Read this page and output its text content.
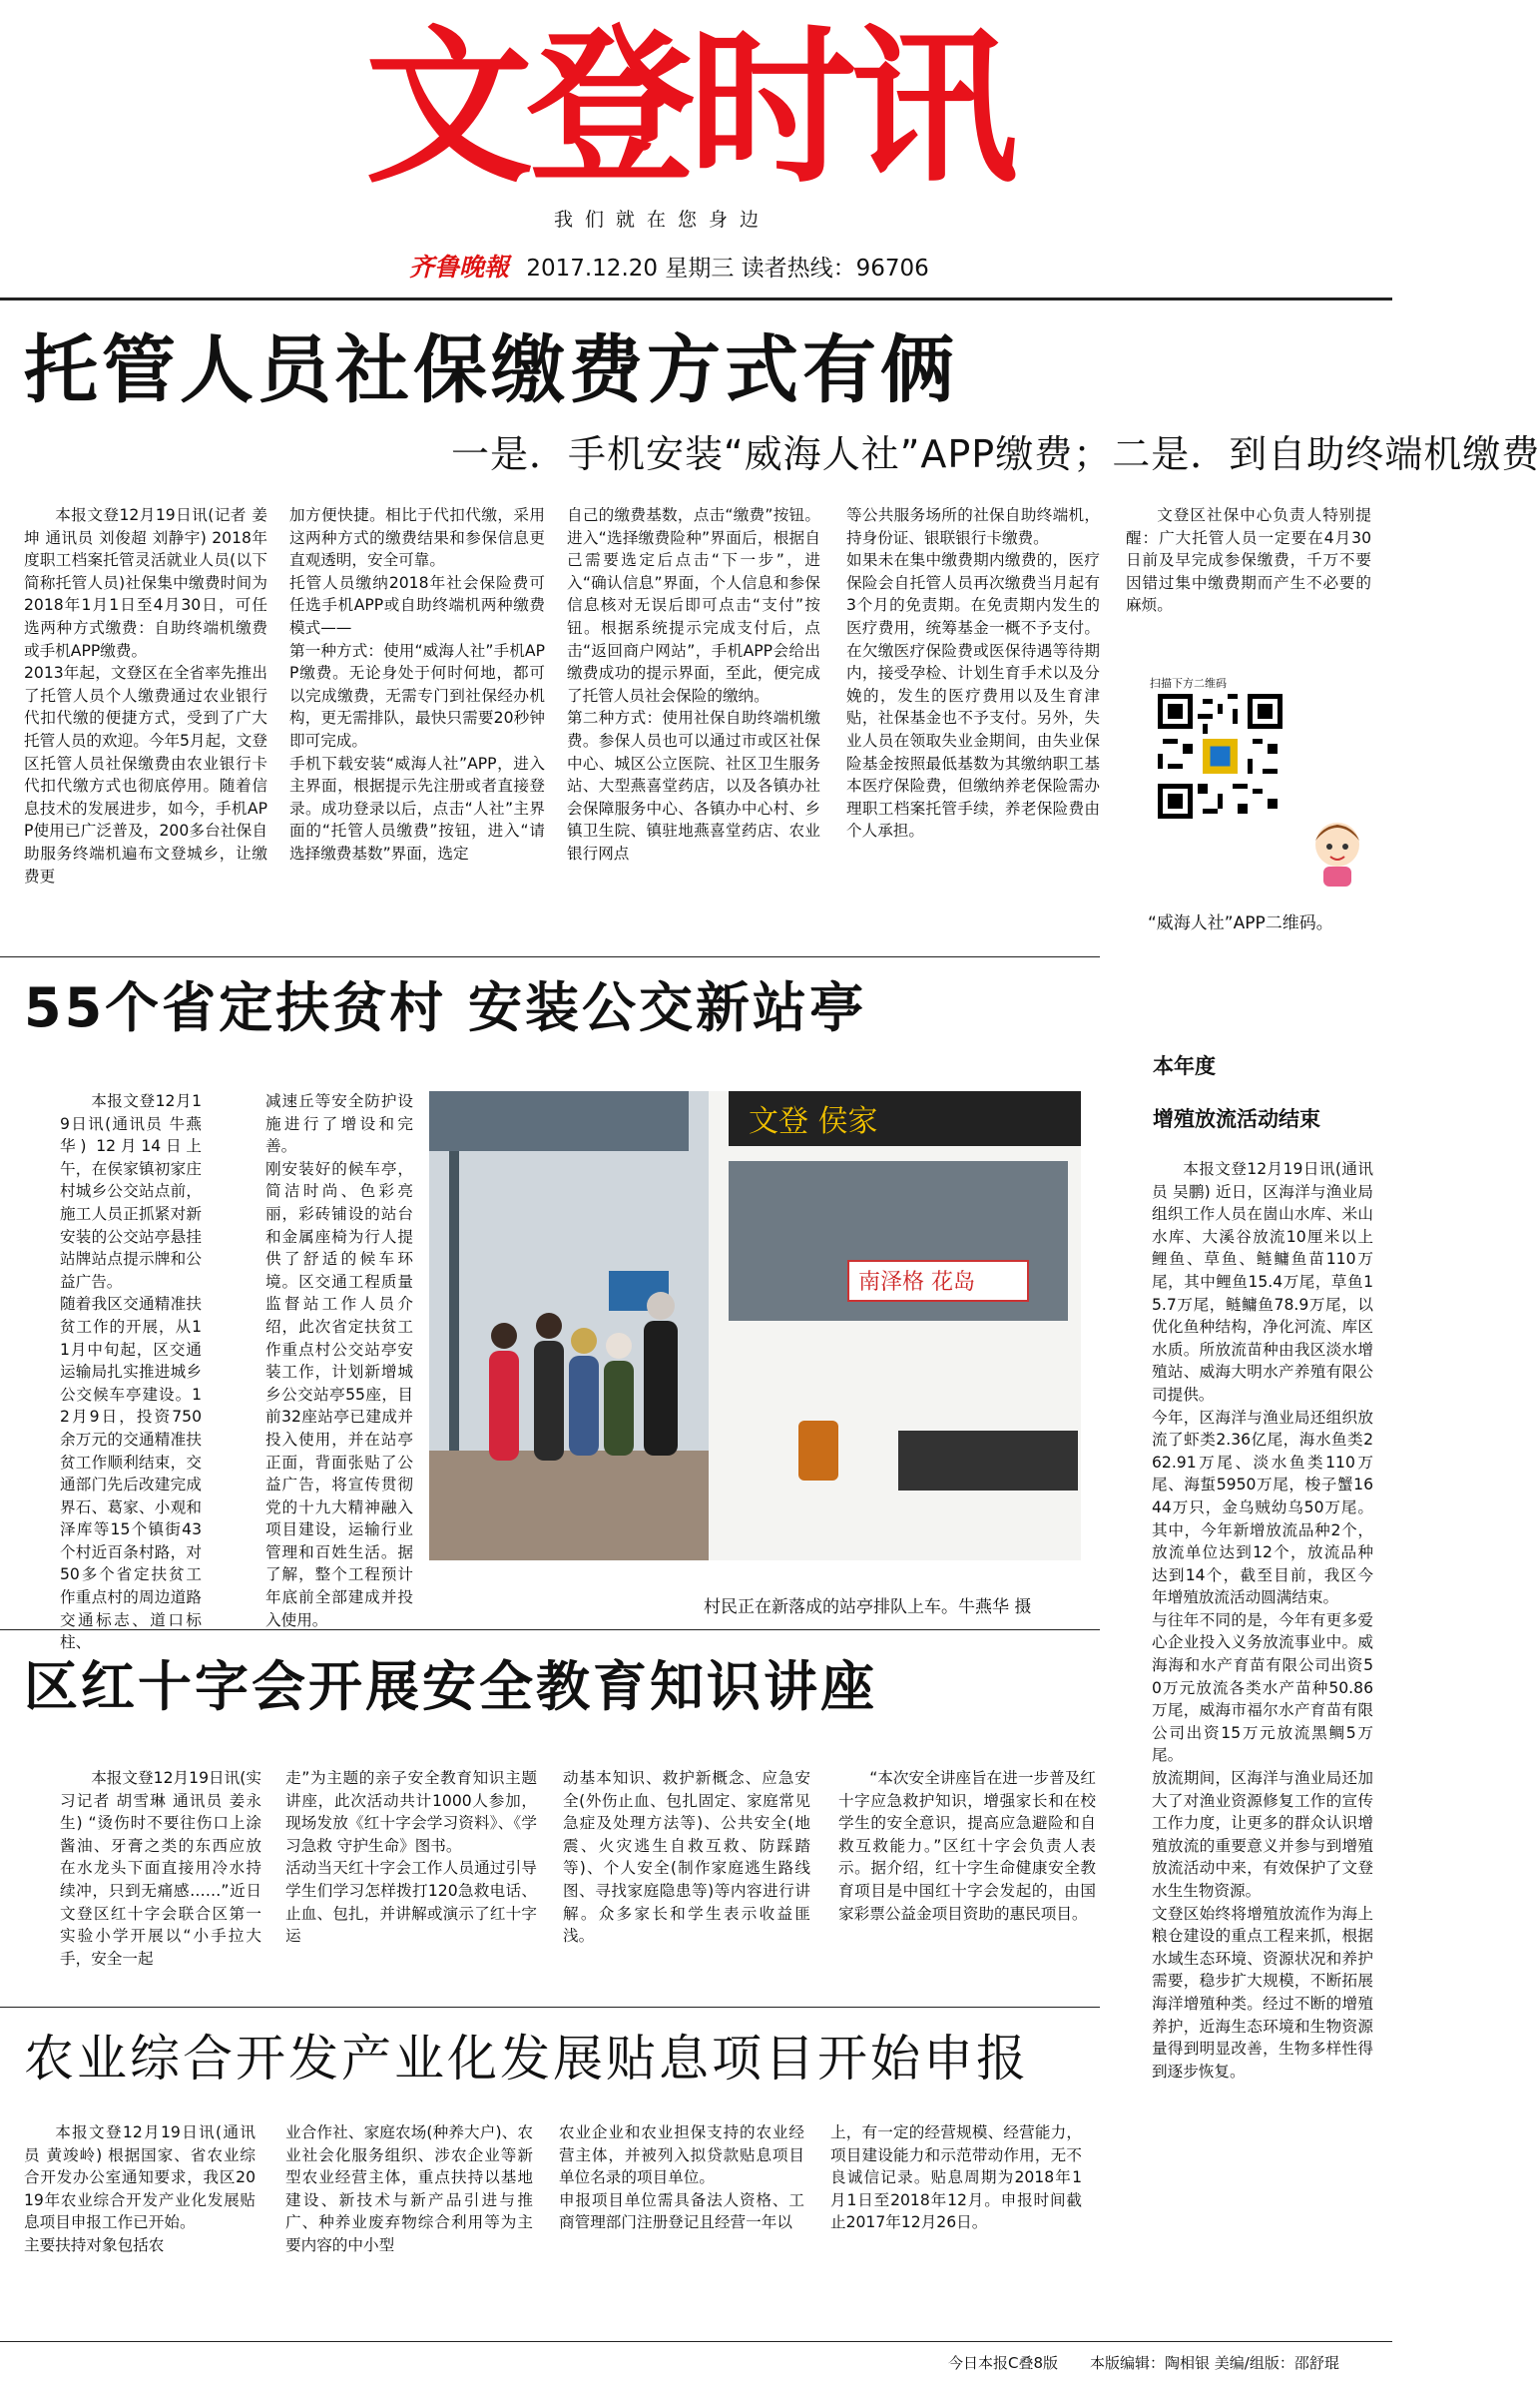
文登时讯
我们就在您身边
齐鲁晚報 2017.12.20 星期三 读者热线：96706
托管人员社保缴费方式有俩
一是．手机安装“威海人社”APP缴费；二是．到自助终端机缴费

本报文登12月19日讯(记者 姜坤 通讯员 刘俊超 刘静宇) 2018年度职工档案托管灵活就业人员(以下简称托管人员)社保集中缴费时间为2018年1月1日至4月30日，可任选两种方式缴费：自助终端机缴费或手机APP缴费。
2013年起，文登区在全省率先推出了托管人员个人缴费通过农业银行代扣代缴的便捷方式，受到了广大托管人员的欢迎。今年5月起，文登区托管人员社保缴费由农业银行卡代扣代缴方式也彻底停用。随着信息技术的发展进步，如今，手机APP使用已广泛普及，200多台社保自助服务终端机遍布文登城乡，让缴费更

加方便快捷。相比于代扣代缴，采用这两种方式的缴费结果和参保信息更直观透明，安全可靠。
托管人员缴纳2018年社会保险费可任选手机APP或自助终端机两种缴费模式——
第一种方式：使用“威海人社”手机APP缴费。无论身处于何时何地，都可以完成缴费，无需专门到社保经办机构，更无需排队，最快只需要20秒钟即可完成。
手机下载安装“威海人社”APP，进入主界面，根据提示先注册或者直接登录。成功登录以后，点击“人社”主界面的“托管人员缴费”按钮，进入“请选择缴费基数”界面，选定

自己的缴费基数，点击“缴费”按钮。进入“选择缴费险种”界面后，根据自己需要选定后点击“下一步”，进入“确认信息”界面，个人信息和参保信息核对无误后即可点击“支付”按钮。根据系统提示完成支付后，点击“返回商户网站”，手机APP会给出缴费成功的提示界面，至此，便完成了托管人员社会保险的缴纳。
第二种方式：使用社保自助终端机缴费。参保人员也可以通过市或区社保中心、城区公立医院、社区卫生服务站、大型燕喜堂药店，以及各镇办社会保障服务中心、各镇办中心村、乡镇卫生院、镇驻地燕喜堂药店、农业银行网点

等公共服务场所的社保自助终端机，持身份证、银联银行卡缴费。
如果未在集中缴费期内缴费的，医疗保险会自托管人员再次缴费当月起有3个月的免责期。在免责期内发生的医疗费用，统筹基金一概不予支付。在欠缴医疗保险费或医保待遇等待期内，接受孕检、计划生育手术以及分娩的，发生的医疗费用以及生育津贴，社保基金也不予支付。另外，失业人员在领取失业金期间，由失业保险基金按照最低基数为其缴纳职工基本医疗保险费，但缴纳养老保险需办理职工档案托管手续，养老保险费由个人承担。

文登区社保中心负责人特别提醒：广大托管人员一定要在4月30日前及早完成参保缴费，千万不要因错过集中缴费期而产生不必要的麻烦。

扫描下方二维码
“威海人社”APP二维码。
55个省定扶贫村 安装公交新站亭

本报文登12月19日讯(通讯员 牛燕华) 12月14日上午，在侯家镇初家庄村城乡公交站点前，施工人员正抓紧对新安装的公交站亭悬挂站牌站点提示牌和公益广告。
随着我区交通精准扶贫工作的开展，从11月中旬起，区交通运输局扎实推进城乡公交候车亭建设。12月9日，投资750余万元的交通精准扶贫工作顺利结束，交通部门先后改建完成界石、葛家、小观和泽库等15个镇街43个村近百条村路，对50多个省定扶贫工作重点村的周边道路交通标志、道口标柱、

减速丘等安全防护设施进行了增设和完善。
刚安装好的候车亭，简洁时尚、色彩亮丽，彩砖铺设的站台和金属座椅为行人提供了舒适的候车环境。区交通工程质量监督站工作人员介绍，此次省定扶贫工作重点村公交站亭安装工作，计划新增城乡公交站亭55座，目前32座站亭已建成并投入使用，并在站亭正面，背面张贴了公益广告，将宣传贯彻党的十九大精神融入项目建设，运输行业管理和百姓生活。据了解，整个工程预计年底前全部建成并投入使用。

文登 侯家
南泽格 花岛
村民正在新落成的站亭排队上车。牛燕华 摄
区红十字会开展安全教育知识讲座

本报文登12月19日讯(实习记者 胡雪琳 通讯员 姜永生) “烫伤时不要往伤口上涂酱油、牙膏之类的东西应放在水龙头下面直接用冷水持续冲，只到无痛感……”近日文登区红十字会联合区第一实验小学开展以“小手拉大手，安全一起

走”为主题的亲子安全教育知识主题讲座，此次活动共计1000人参加，现场发放《红十字会学习资料》、《学习急救 守护生命》图书。
活动当天红十字会工作人员通过引导学生们学习怎样拨打120急救电话、止血、包扎，并讲解或演示了红十字运

动基本知识、救护新概念、应急安全(外伤止血、包扎固定、家庭常见急症及处理方法等)、公共安全(地震、火灾逃生自救互救、防踩踏等)、个人安全(制作家庭逃生路线图、寻找家庭隐患等)等内容进行讲解。众多家长和学生表示收益匪浅。

“本次安全讲座旨在进一步普及红十字应急救护知识，增强家长和在校学生的安全意识，提高应急避险和自救互救能力。”区红十字会负责人表示。据介绍，红十字生命健康安全教育项目是中国红十字会发起的，由国家彩票公益金项目资助的惠民项目。

农业综合开发产业化发展贴息项目开始申报

本报文登12月19日讯(通讯员 黄竣岭) 根据国家、省农业综合开发办公室通知要求，我区2019年农业综合开发产业化发展贴息项目申报工作已开始。
主要扶持对象包括农

业合作社、家庭农场(种养大户)、农业社会化服务组织、涉农企业等新型农业经营主体，重点扶持以基地建设、新技术与新产品引进与推广、种养业废弃物综合利用等为主要内容的中小型

农业企业和农业担保支持的农业经营主体，并被列入拟贷款贴息项目单位名录的项目单位。
申报项目单位需具备法人资格、工商管理部门注册登记且经营一年以

上，有一定的经营规模、经营能力，项目建设能力和示范带动作用，无不良诚信记录。贴息周期为2018年1月1日至2018年12月。申报时间截止2017年12月26日。

本年度
增殖放流活动结束

本报文登12月19日讯(通讯员 吴鹏) 近日，区海洋与渔业局组织工作人员在崮山水库、米山水库、大溪谷放流10厘米以上鲤鱼、草鱼、鲢鳙鱼苗110万尾，其中鲤鱼15.4万尾，草鱼15.7万尾，鲢鳙鱼78.9万尾，以优化鱼种结构，净化河流、库区水质。所放流苗种由我区淡水增殖站、威海大明水产养殖有限公司提供。
今年，区海洋与渔业局还组织放流了虾类2.36亿尾，海水鱼类262.91万尾、淡水鱼类110万尾、海蜇5950万尾，梭子蟹1644万只，金乌贼幼乌50万尾。其中，今年新增放流品种2个，放流单位达到12个，放流品种达到14个，截至目前，我区今年增殖放流活动圆满结束。
与往年不同的是，今年有更多爱心企业投入义务放流事业中。威海海和水产育苗有限公司出资50万元放流各类水产苗种50.86万尾，威海市福尔水产育苗有限公司出资15万元放流黑鲷5万尾。
放流期间，区海洋与渔业局还加大了对渔业资源修复工作的宣传工作力度，让更多的群众认识增殖放流的重要意义并参与到增殖放流活动中来，有效保护了文登水生生物资源。
文登区始终将增殖放流作为海上粮仓建设的重点工程来抓，根据水域生态环境、资源状况和养护需要，稳步扩大规模，不断拓展海洋增殖种类。经过不断的增殖养护，近海生态环境和生物资源量得到明显改善，生物多样性得到逐步恢复。

今日本报C叠8版 本版编辑：陶相银 美编/组版：邵舒琨
